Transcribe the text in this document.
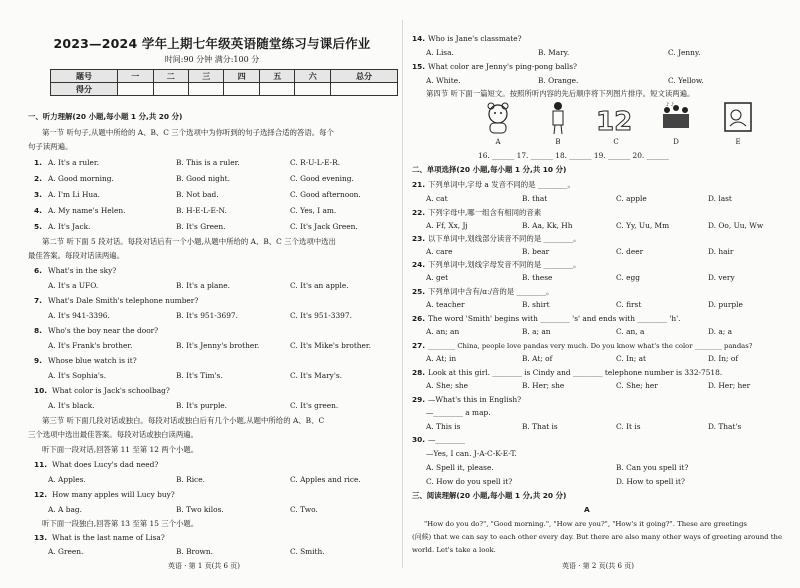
2023—2024 学年上期七年级英语随堂练习与课后作业
时间:90 分钟 满分:100 分
题号	一	二	三	四	五	六	总分
得分							
一、听力理解(20 小题,每小题 1 分,共 20 分)
第一节 听句子,从题中所给的 A、B、C 三个选项中为你听到的句子选择合适的答语。每个
句子读两遍。
1. A. It's a ruler.	B. This is a ruler.	C. R-U-L-E-R.
2. A. Good morning.	B. Good night.	C. Good evening.
3. A. I'm Li Hua.	B. Not bad.	C. Good afternoon.
4. A. My name's Helen.	B. H-E-L-E-N.	C. Yes, I am.
5. A. It's Jack.	B. It's Green.	C. It's Jack Green.
第二节 听下面 5 段对话。每段对话后有一个小题,从题中所给的 A、B、C 三个选项中选出
最佳答案。每段对话读两遍。
6. What's in the sky?
A. It's a UFO.	B. It's a plane.	C. It's an apple.
7. What's Dale Smith's telephone number?
A. It's 941-3396.	B. It's 951-3697.	C. It's 951-3397.
8. Who's the boy near the door?
A. It's Frank's brother.	B. It's Jenny's brother.	C. It's Mike's brother.
9. Whose blue watch is it?
A. It's Sophia's.	B. It's Tim's.	C. It's Mary's.
10. What color is Jack's schoolbag?
A. It's black.	B. It's purple.	C. It's green.
第三节 听下面几段对话或独白。每段对话或独白后有几个小题,从题中所给的 A、B、C
三个选项中选出最佳答案。每段对话或独白读两遍。
听下面一段对话,回答第 11 至第 12 两个小题。
11. What does Lucy's dad need?
A. Apples.	B. Rice.	C. Apples and rice.
12. How many apples will Lucy buy?
A. A bag.	B. Two kilos.	C. Two.
听下面一段独白,回答第 13 至第 15 三个小题。
13. What is the last name of Lisa?
A. Green.	B. Brown.	C. Smith.
英语 · 第 1 页(共 6 页)
14. Who is Jane's classmate?
A. Lisa.	B. Mary.	C. Jenny.
15. What color are Jenny's ping-pong balls?
A. White.	B. Orange.	C. Yellow.
第四节 听下面一篇短文。按照所听内容的先后顺序将下列图片排序。短文读两遍。
12
♪ ♪
A	B	C	D	E
16. ______ 17. ______ 18. ______ 19. ______ 20. ______
二、单项选择(20 小题,每小题 1 分,共 10 分)
21. 下列单词中,字母 a 发音不同的是 ________。
A. cat	B. that	C. apple	D. last
22. 下列字母中,哪一组含有相同的音素
A. Ff, Xx, Jj	B. Aa, Kk, Hh	C. Yy, Uu, Mm	D. Oo, Uu, Ww
23. 以下单词中,划线部分读音不同的是 ________。
A. care	B. bear	C. deer	D. hair
24. 下列单词中,划线字母发音不同的是 ________。
A. get	B. these	C. egg	D. very
25. 下列单词中含有/ɑː/音的是 ________。
A. teacher	B. shirt	C. first	D. purple
26. The word 'Smith' begins with ________ 's' and ends with ________ 'h'.
A. an; an	B. a; an	C. an, a	D. a; a
27. ________ China, people love pandas very much. Do you know what's the color ________ pandas?
A. At; in	B. At; of	C. In; at	D. In; of
28. Look at this girl. ________ is Cindy and ________ telephone number is 332-7518.
A. She; she	B. Her; she	C. She; her	D. Her; her
29. —What's this in English?
—________ a map.
A. This is	B. That is	C. It is	D. That's
30. —________
—Yes, I can. J-A-C-K-E-T.
A. Spell it, please.	B. Can you spell it?
C. How do you spell it?	D. How to spell it?
三、阅读理解(20 小题,每小题 1 分,共 20 分)
A
"How do you do?", "Good morning.", "How are you?", "How's it going?". These are greetings
(问候) that we can say to each other every day. But there are also many other ways of greeting around the
world. Let's take a look.
英语 · 第 2 页(共 6 页)
